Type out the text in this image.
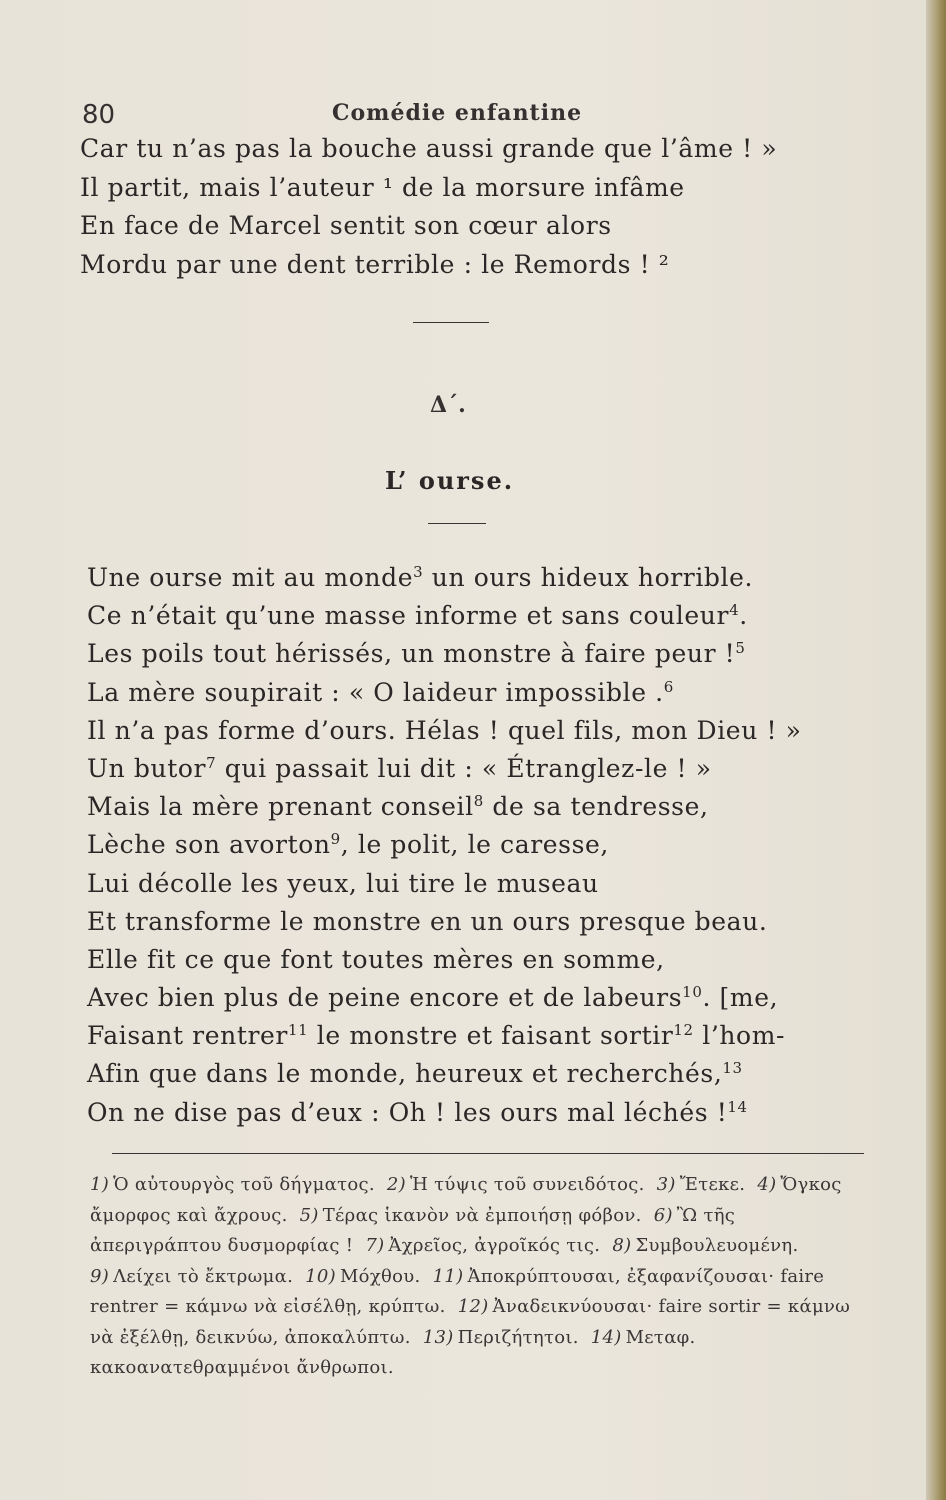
80	Comédie enfantine
Car tu n’as pas la bouche aussi grande que l’âme ! »
Il partit, mais l’auteur ¹ de la morsure infâme
En face de Marcel sentit son cœur alors
Mordu par une dent terrible : le Remords ! ²
Δ΄.
L’ ourse.
Une ourse mit au monde$^3$ un ours hideux horrible.
Ce n’était qu’une masse informe et sans couleur$^4$.
Les poils tout hérissés, un monstre à faire peur !$^5$
La mère soupirait : « O laideur impossible .$^6$
Il n’a pas forme d’ours. Hélas ! quel fils, mon Dieu ! »
Un butor$^7$ qui passait lui dit : « Étranglez-le ! »
Mais la mère prenant conseil$^8$ de sa tendresse,
Lèche son avorton$^9$, le polit, le caresse,
Lui décolle les yeux, lui tire le museau
Et transforme le monstre en un ours presque beau.
Elle fit ce que font toutes mères en somme,
Avec bien plus de peine encore et de labeurs$^{10}$. [me,
Faisant rentrer$^{11}$ le monstre et faisant sortir$^{12}$ l’hom-
Afin que dans le monde, heureux et recherchés,$^{13}$
On ne dise pas d’eux : Oh ! les ours mal léchés !$^{14}$
1) Ὁ αὐτουργὸς τοῦ δήγματος. 2) Ἡ τύψις τοῦ συνειδότος. 3) Ἔτεκε. 4) Ὄγκος ἄμορφος καὶ ἄχρους. 5) Τέρας ἱκανὸν νὰ ἐμποιήσῃ φόβον. 6) Ὢ τῆς ἀπεριγράπτου δυσμορφίας ! 7) Ἀχρεῖος, ἀγροῖκός τις. 8) Συμβουλευομένη. 9) Λείχει τὸ ἔκτρωμα. 10) Μόχθου. 11) Ἀποκρύπτουσαι, ἐξαφανίζουσαι· faire rentrer = κάμνω νὰ εἰσέλθῃ, κρύπτω. 12) Ἀναδεικνύουσαι· faire sortir = κάμνω νὰ ἐξέλθῃ, δεικνύω, ἀποκαλύπτω. 13) Περιζήτητοι. 14) Μεταφ. κακοανατεθραμμένοι ἄνθρωποι.
